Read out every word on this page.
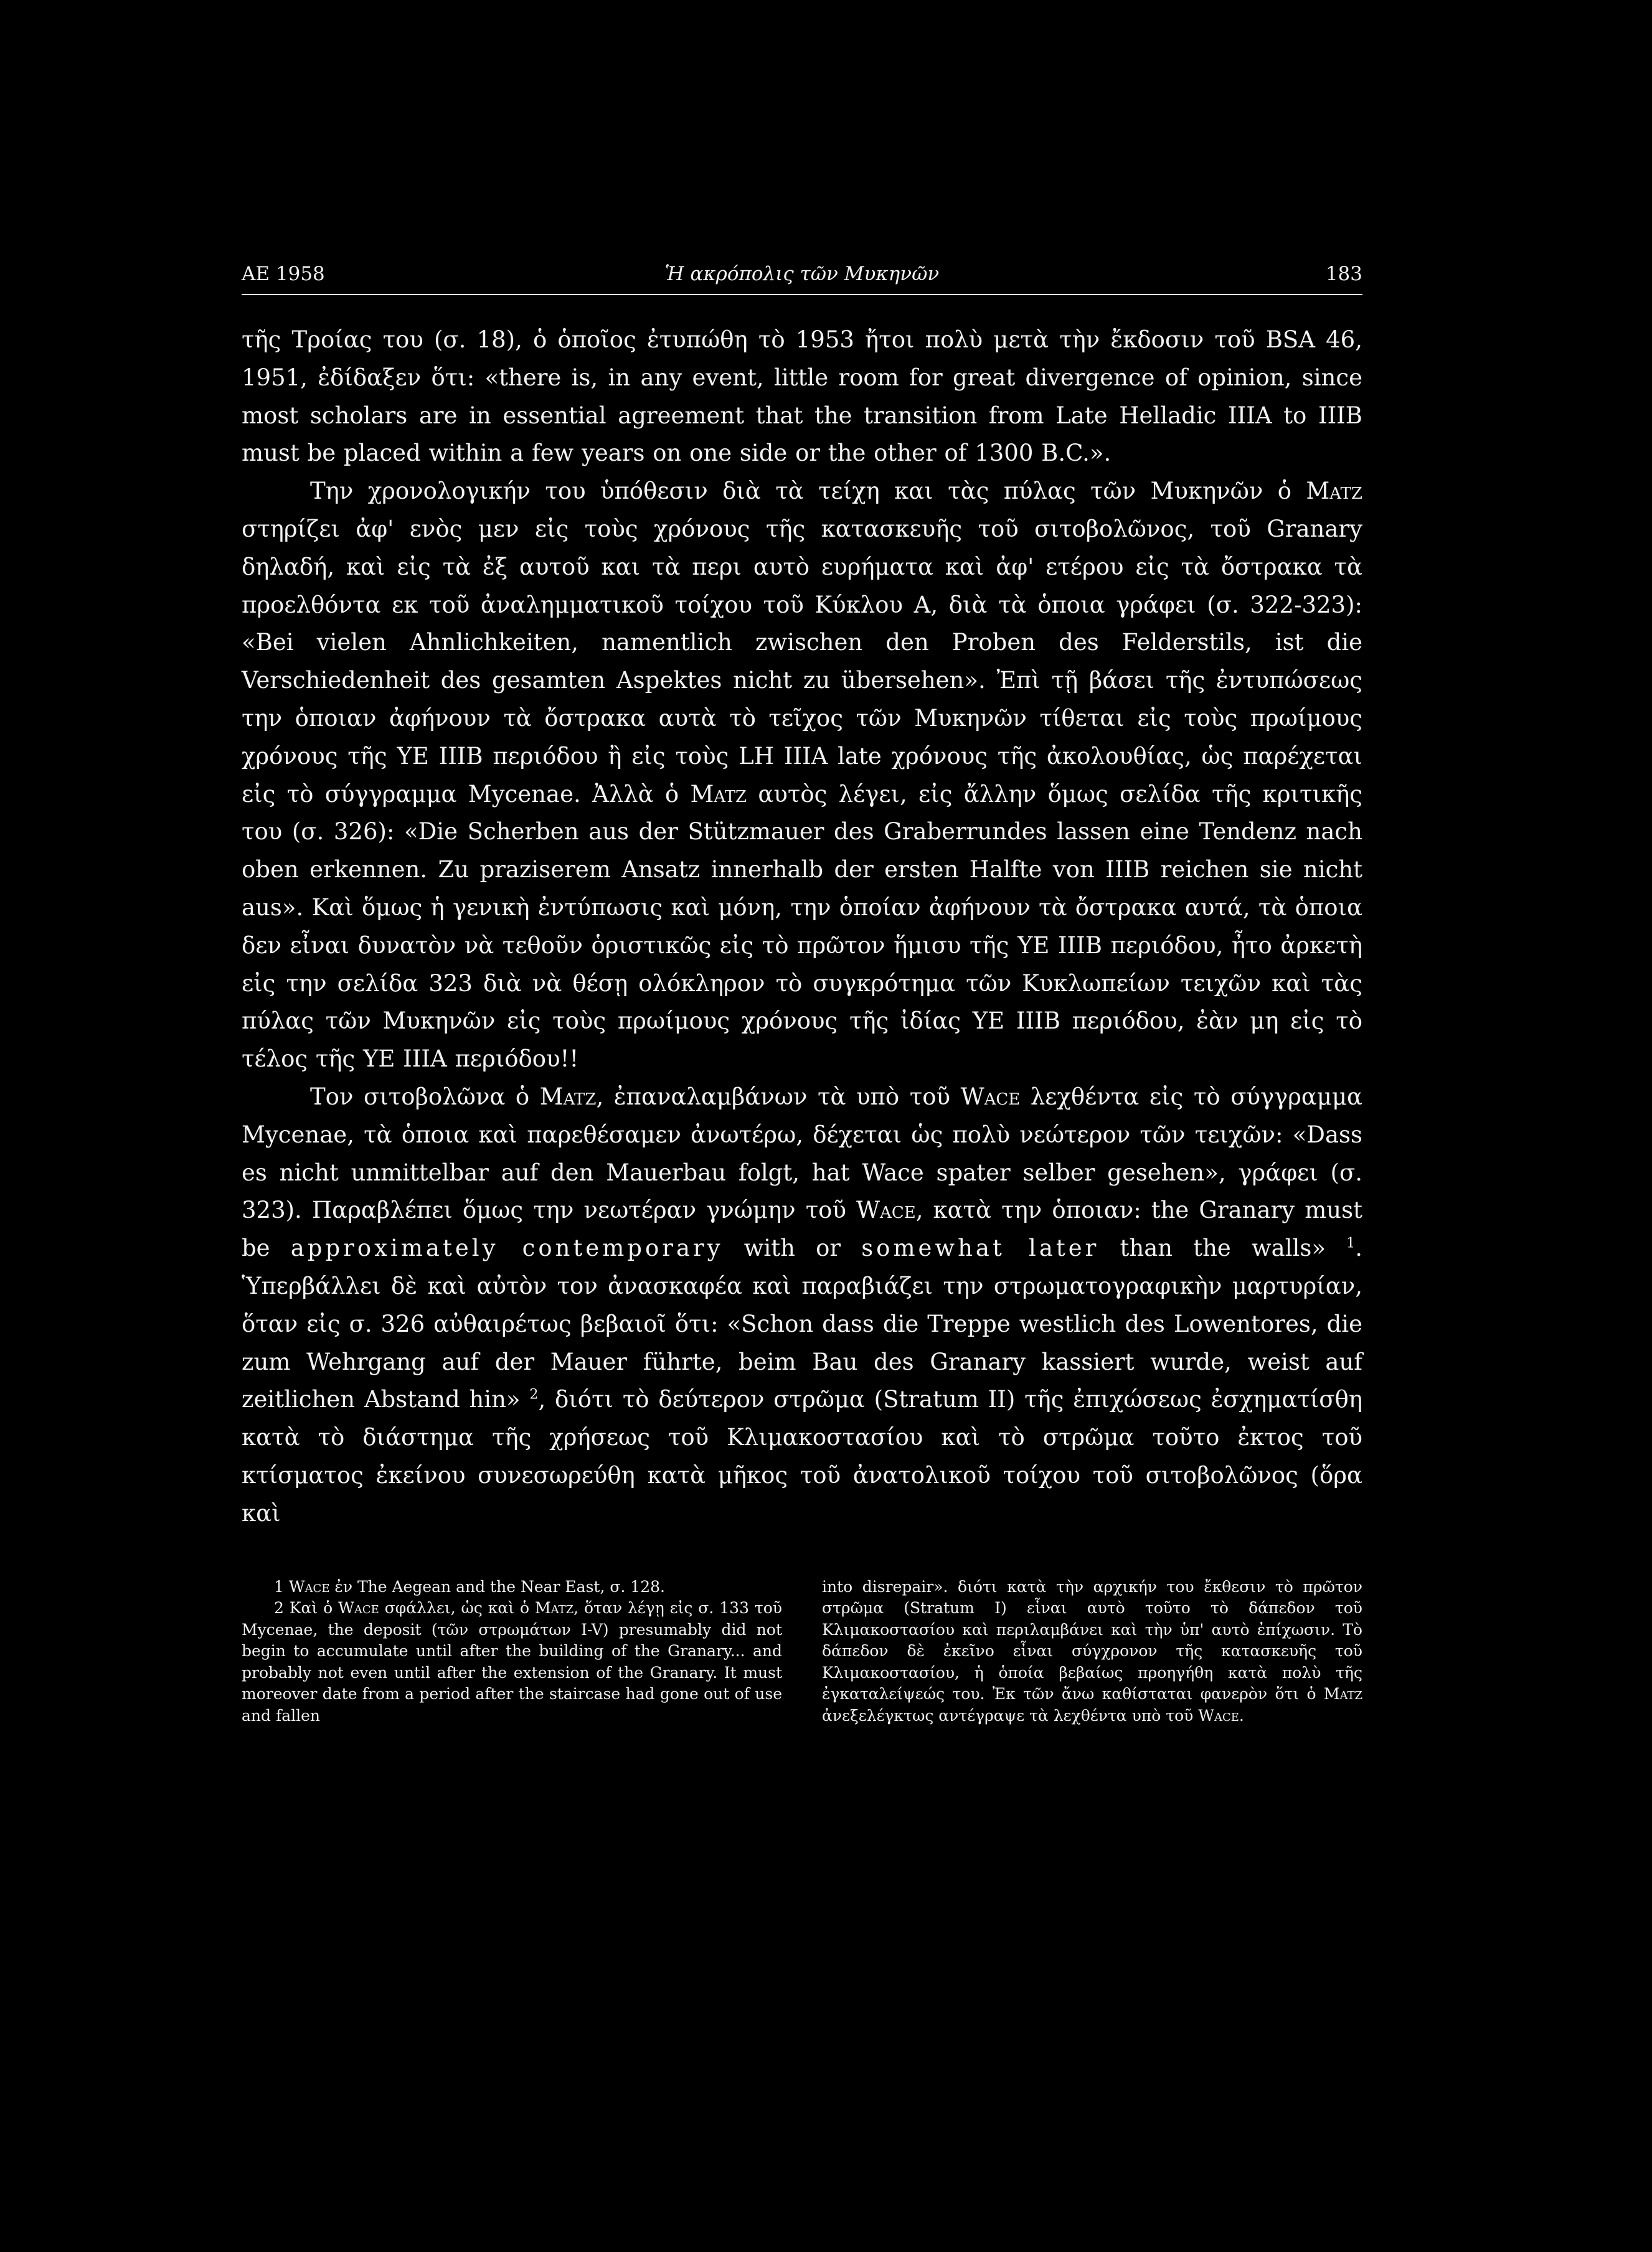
ΑΕ 1958	Ἡ ακρόπολις τῶν Μυκηνῶν	183

τῆς Τροίας του (σ. 18), ὁ ὁποῖος ἐτυπώθη τὸ 1953 ἤτοι πολὺ μετὰ τὴν ἔκδοσιν τοῦ BSA 46, 1951, ἐδίδαξεν ὅτι: «there is, in any event, little room for great divergence of opinion, since most scholars are in essential agreement that the transition from Late Helladic IIIA to IIIB must be placed within a few years on one side or the other of 1300 B.C.».

Την χρονολογικήν του ὑπόθεσιν διὰ τὰ τείχη και τὰς πύλας τῶν Μυκηνῶν ὁ Matz στηρίζει ἀφ' ενὸς μεν εἰς τοὺς χρόνους τῆς κατασκευῆς τοῦ σιτοβολῶνος, τοῦ Granary δηλαδή, καὶ εἰς τὰ ἐξ αυτοῦ και τὰ περι αυτὸ ευρήματα καὶ ἀφ' ετέρου εἰς τὰ ὄστρακα τὰ προελθόντα εκ τοῦ ἀναλημματικοῦ τοίχου τοῦ Κύκλου Α, διὰ τὰ ὁποια γράφει (σ. 322-323): «Bei vielen Ahnlichkeiten, namentlich zwischen den Proben des Felderstils, ist die Verschiedenheit des gesamten Aspektes nicht zu übersehen». Ἐπὶ τῇ βάσει τῆς ἐντυπώσεως την ὁποιαν ἀφήνουν τὰ ὄστρακα αυτὰ τὸ τεῖχος τῶν Μυκηνῶν τίθεται εἰς τοὺς πρωίμους χρόνους τῆς ΥΕ IIIB περιόδου ἢ εἰς τοὺς LH IIIA late χρόνους τῆς ἀκολουθίας, ὡς παρέχεται εἰς τὸ σύγγραμμα Mycenae. Ἀλλὰ ὁ Matz αυτὸς λέγει, εἰς ἄλλην ὅμως σελίδα τῆς κριτικῆς του (σ. 326): «Die Scherben aus der Stützmauer des Graberrundes lassen eine Tendenz nach oben erkennen. Zu praziserem Ansatz innerhalb der ersten Halfte von IIIB reichen sie nicht aus». Καὶ ὅμως ἡ γενικὴ ἐντύπωσις καὶ μόνη, την ὁποίαν ἀφήνουν τὰ ὄστρακα αυτά, τὰ ὁποια δεν εἶναι δυνατὸν νὰ τεθοῦν ὁριστικῶς εἰς τὸ πρῶτον ἥμισυ τῆς ΥΕ IIIB περιόδου, ἦτο ἀρκετὴ εἰς την σελίδα 323 διὰ νὰ θέσῃ ολόκληρον τὸ συγκρότημα τῶν Κυκλωπείων τειχῶν καὶ τὰς πύλας τῶν Μυκηνῶν εἰς τοὺς πρωίμους χρόνους τῆς ἰδίας ΥΕ IIIB περιόδου, ἐὰν μη εἰς τὸ τέλος τῆς ΥΕ IIIA περιόδου!!

Τον σιτοβολῶνα ὁ Matz, ἐπαναλαμβάνων τὰ υπὸ τοῦ Wace λεχθέντα εἰς τὸ σύγγραμμα Mycenae, τὰ ὁποια καὶ παρεθέσαμεν ἀνωτέρω, δέχεται ὡς πολὺ νεώτερον τῶν τειχῶν: «Dass es nicht unmittelbar auf den Mauerbau folgt, hat Wace spater selber gesehen», γράφει (σ. 323). Παραβλέπει ὅμως την νεωτέραν γνώμην τοῦ Wace, κατὰ την ὁποιαν: the Granary must be approximately contemporary with or somewhat later than the walls» $^1$. Ὑπερβάλλει δὲ καὶ αὐτὸν τον ἀνασκαφέα καὶ παραβιάζει την στρωματογραφικὴν μαρτυρίαν, ὅταν εἰς σ. 326 αὐθαιρέτως βεβαιοῖ ὅτι: «Schon dass die Treppe westlich des Lowentores, die zum Wehrgang auf der Mauer führte, beim Bau des Granary kassiert wurde, weist auf zeitlichen Abstand hin» $^2$, διότι τὸ δεύτερον στρῶμα (Stratum II) τῆς ἐπιχώσεως ἐσχηματίσθη κατὰ τὸ διάστημα τῆς χρήσεως τοῦ Κλιμακοστασίου καὶ τὸ στρῶμα τοῦτο ἐκτος τοῦ κτίσματος ἐκείνου συνεσωρεύθη κατὰ μῆκος τοῦ ἀνατολικοῦ τοίχου τοῦ σιτοβολῶνος (ὅρα καὶ

1 Wace ἐν The Aegean and the Near East, σ. 128.

2 Καὶ ὁ Wace σφάλλει, ὡς καὶ ὁ Matz, ὅταν λέγῃ εἰς σ. 133 τοῦ Mycenae, the deposit (τῶν στρωμάτων I-V) presumably did not begin to accumulate until after the building of the Granary... and probably not even until after the extension of the Granary. It must moreover date from a period after the staircase had gone out of use and fallen

into disrepair». διότι κατὰ τὴν αρχικήν του ἔκθεσιν τὸ πρῶτον στρῶμα (Stratum I) εἶναι αυτὸ τοῦτο τὸ δάπεδον τοῦ Κλιμακοστασίου καὶ περιλαμβάνει καὶ τὴν ὑπ' αυτὸ ἐπίχωσιν. Τὸ δάπεδον δὲ ἐκεῖνο εἶναι σύγχρονον τῆς κατασκευῆς τοῦ Κλιμακοστασίου, ἡ ὁποία βεβαίως προηγήθη κατὰ πολὺ τῆς ἐγκαταλείψεώς του. Ἐκ τῶν ἄνω καθίσταται φανερὸν ὅτι ὁ Matz ἀνεξελέγκτως αντέγραψε τὰ λεχθέντα υπὸ τοῦ Wace.
